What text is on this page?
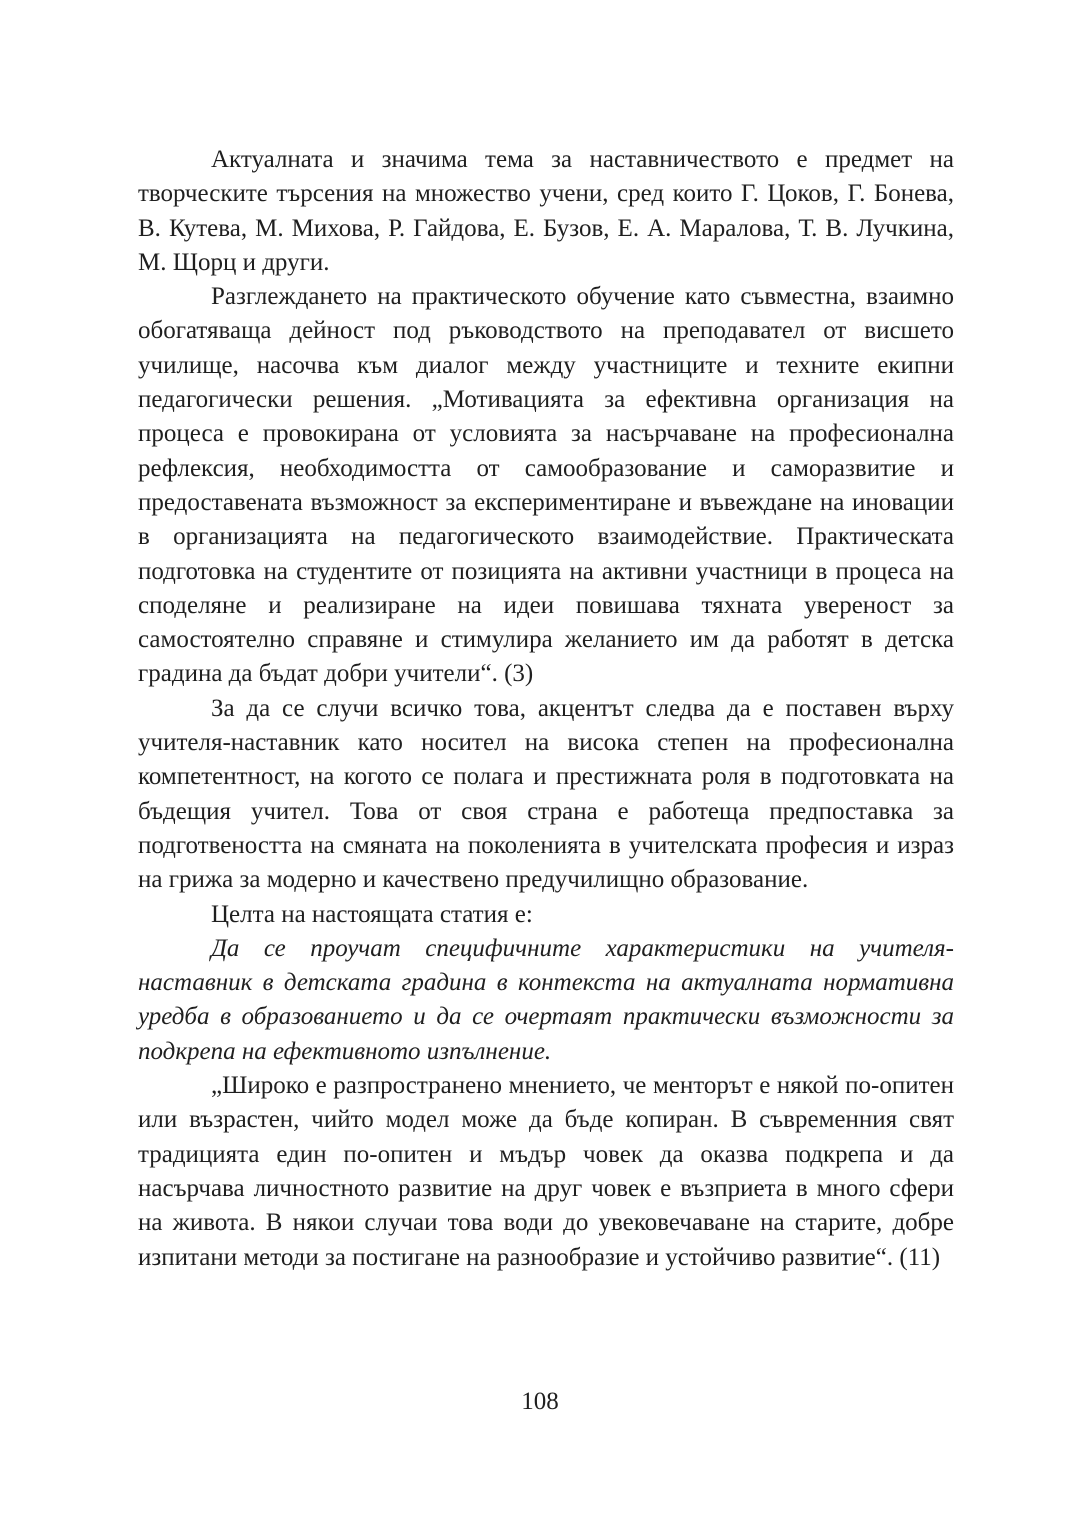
Актуалната и значима тема за наставничеството е предмет на творческите търсения на множество учени, сред които Г. Цоков, Г. Бонева, В. Кутева, М. Михова, Р. Гайдова, Е. Бузов, Е. А. Маралова, Т. В. Лучкина, М. Щорц и други.

Разглеждането на практическото обучение като съвместна, взаимно обогатяваща дейност под ръководството на преподавател от висшето училище, насочва към диалог между участниците и техните екипни педагогически решения. „Мотивацията за ефективна организация на процеса е провокирана от условията за насърчаване на професионална рефлексия, необходимостта от самообразование и саморазвитие и предоставената възможност за експериментиране и въвеждане на иновации в организацията на педагогическото взаимодействие. Практическата подготовка на студентите от позицията на активни участници в процеса на споделяне и реализиране на идеи повишава тяхната увереност за самостоятелно справяне и стимулира желанието им да работят в детска градина да бъдат добри учители“. (3)

За да се случи всичко това, акцентът следва да е поставен върху учителя-наставник като носител на висока степен на професионална компетентност, на когото се полага и престижната роля в подготовката на бъдещия учител. Това от своя страна е работеща предпоставка за подготвеността на смяната на поколенията в учителската професия и израз на грижа за модерно и качествено предучилищно образование.

Целта на настоящата статия е:

Да се проучат специфичните характеристики на учителя-наставник в детската градина в контекста на актуалната нормативна уредба в образованието и да се очертаят практически възможности за подкрепа на ефективното изпълнение.

„Широко е разпространено мнението, че менторът е някой по-опитен или възрастен, чийто модел може да бъде копиран. В съвременния свят традицията един по-опитен и мъдър човек да оказва подкрепа и да насърчава личностното развитие на друг човек е възприета в много сфери на живота. В някои случаи това води до увековечаване на старите, добре изпитани методи за постигане на разнообразие и устойчиво развитие“. (11)

108
